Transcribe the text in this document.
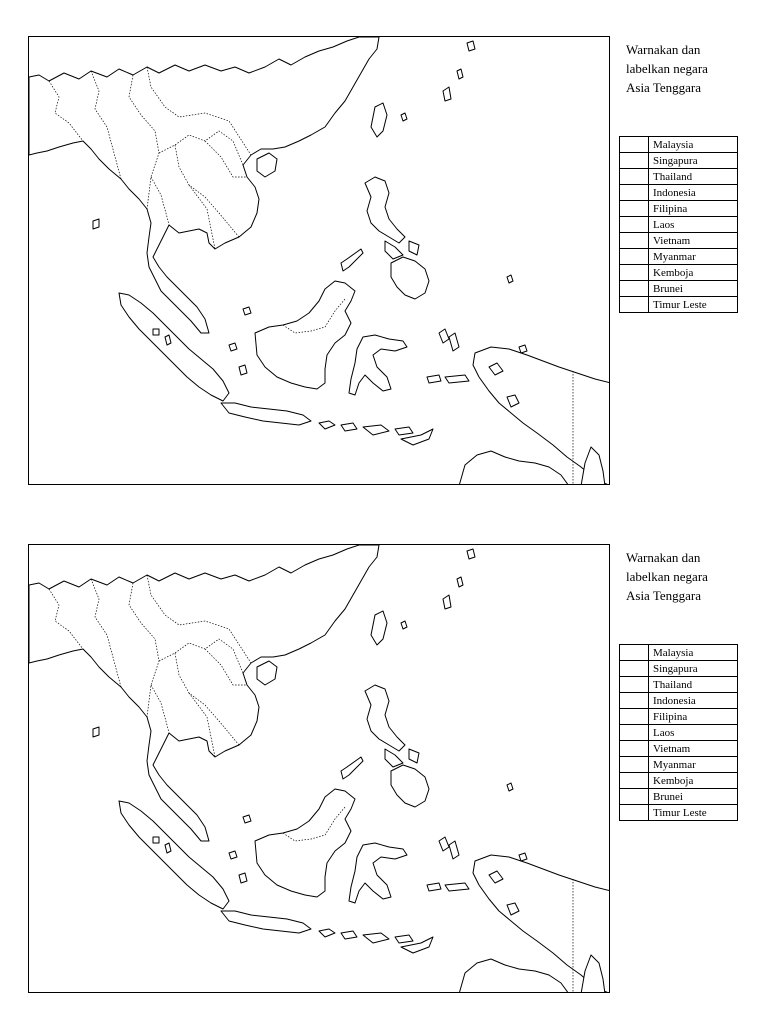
Warnakan dan
labelkan negara
Asia Tenggara
	Malaysia
	Singapura
	Thailand
	Indonesia
	Filipina
	Laos
	Vietnam
	Myanmar
	Kemboja
	Brunei
	Timur Leste
Warnakan dan
labelkan negara
Asia Tenggara
	Malaysia
	Singapura
	Thailand
	Indonesia
	Filipina
	Laos
	Vietnam
	Myanmar
	Kemboja
	Brunei
	Timur Leste
